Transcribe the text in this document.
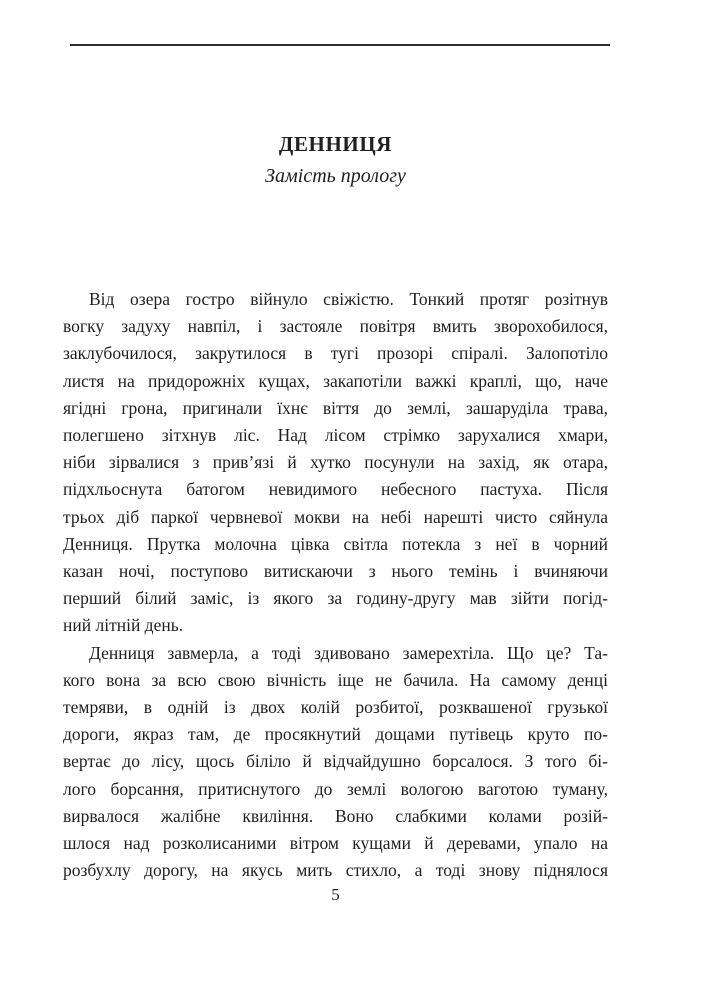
ДЕННИЦЯ
Замість прологу
Від озера гостро війнуло свіжістю. Тонкий протяг розітнув
вогку задуху навпіл, і застояле повітря вмить зворохобилося,
заклубочилося, закрутилося в тугі прозорі спіралі. Залопотіло
листя на придорожніх кущах, закапотіли важкі краплі, що, наче
ягідні грона, пригинали їхнє віття до землі, зашаруділа трава,
полегшено зітхнув ліс. Над лісом стрімко зарухалися хмари,
ніби зірвалися з прив’язі й хутко посунули на захід, як отара,
підхльоснута батогом невидимого небесного пастуха. Після
трьох діб паркої червневої мокви на небі нарешті чисто сяйнула
Денниця. Прутка молочна цівка світла потекла з неї в чорний
казан ночі, поступово витискаючи з нього темінь і вчиняючи
перший білий заміс, із якого за годину-другу мав зійти погід-
ний літній день.
Денниця завмерла, а тоді здивовано замерехтіла. Що це? Та-
кого вона за всю свою вічність іще не бачила. На самому денці
темряви, в одній із двох колій розбитої, розквашеної грузької
дороги, якраз там, де просякнутий дощами путівець круто по-
вертає до лісу, щось біліло й відчайдушно борсалося. З того бі-
лого борсання, притиснутого до землі вологою ваготою туману,
вирвалося жалібне квиління. Воно слабкими колами розій-
шлося над розколисаними вітром кущами й деревами, упало на
розбухлу дорогу, на якусь мить стихло, а тоді знову піднялося
5
